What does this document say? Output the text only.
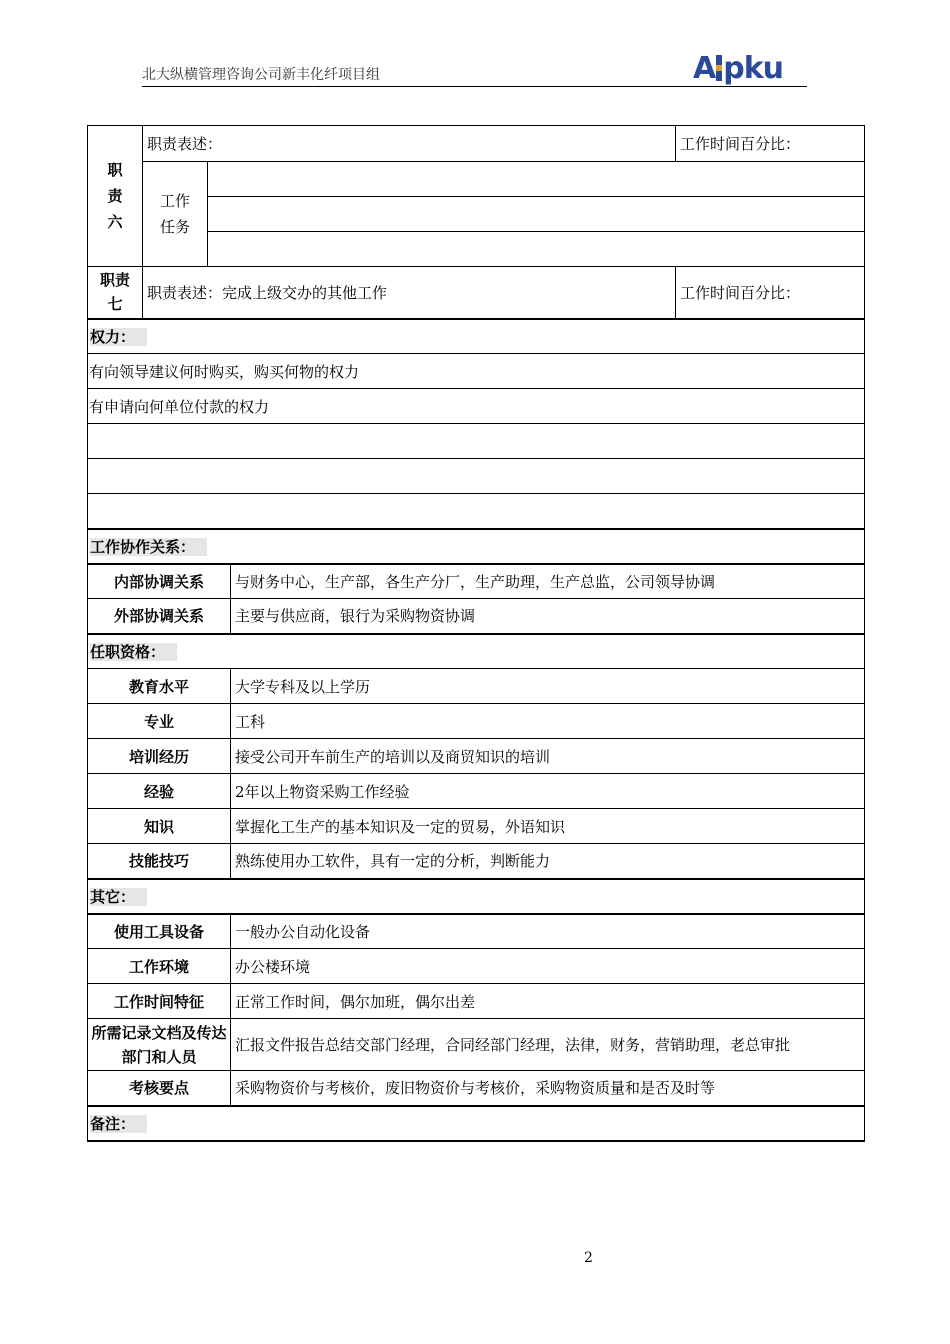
北大纵横管理咨询公司新丰化纤项目组	A pku
职责六	职责表述：			工作时间百分比：
	工作任务			

职责七	职责表述：完成上级交办的其他工作			工作时间百分比：
权力：				
有向领导建议何时购买，购买何物的权力				
有申请向何单位付款的权力				

工作协作关系：				
内部协调关系			与财务中心，生产部，各生产分厂，生产助理，生产总监，公司领导协调	
外部协调关系			主要与供应商，银行为采购物资协调	
任职资格：				
教育水平			大学专科及以上学历	
专业			工科	
培训经历			接受公司开车前生产的培训以及商贸知识的培训	
经验			2年以上物资采购工作经验	
知识			掌握化工生产的基本知识及一定的贸易，外语知识	
技能技巧			熟练使用办工软件，具有一定的分析，判断能力	
其它：				
使用工具设备			一般办公自动化设备	
工作环境			办公楼环境	
工作时间特征			正常工作时间，偶尔加班，偶尔出差	
所需记录文档及传达部门和人员			汇报文件报告总结交部门经理，合同经部门经理，法律，财务，营销助理，老总审批	
考核要点			采购物资价与考核价，废旧物资价与考核价，采购物资质量和是否及时等	
备注：				
2
